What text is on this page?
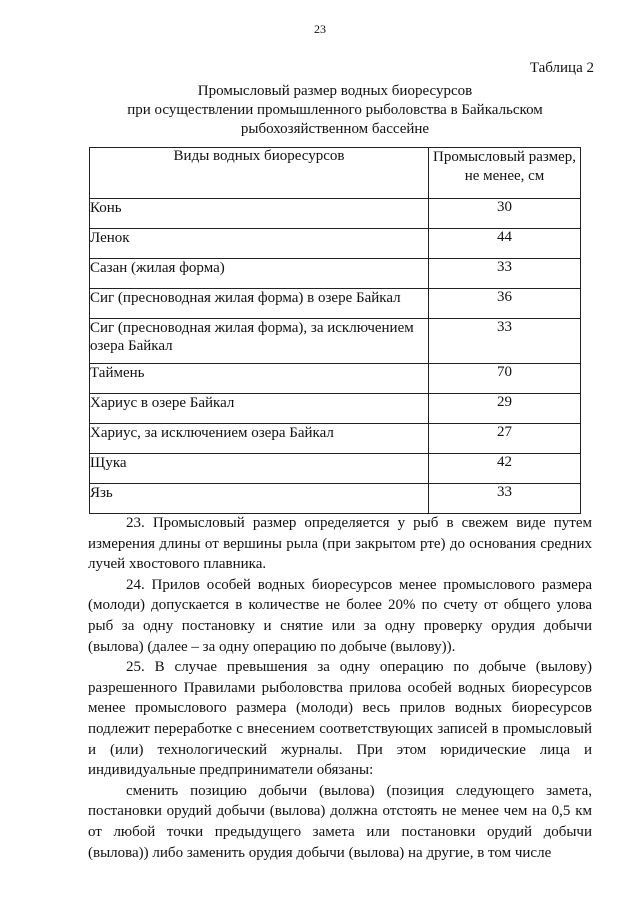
23
Таблица 2
Промысловый размер водных биоресурсов
при осуществлении промышленного рыболовства в Байкальском
рыбохозяйственном бассейне
Виды водных биоресурсов	Промысловый размер, не менее, см
Конь	30
Ленок	44
Сазан (жилая форма)	33
Сиг (пресноводная жилая форма) в озере Байкал	36
Сиг (пресноводная жилая форма), за исключением озера Байкал	33
Таймень	70
Хариус в озере Байкал	29
Хариус, за исключением озера Байкал	27
Щука	42
Язь	33

23. Промысловый размер определяется у рыб в свежем виде путем измерения длины от вершины рыла (при закрытом рте) до основания средних лучей хвостового плавника.

24. Прилов особей водных биоресурсов менее промыслового размера (молоди) допускается в количестве не более 20% по счету от общего улова рыб за одну постановку и снятие или за одну проверку орудия добычи (вылова) (далее – за одну операцию по добыче (вылову)).

25. В случае превышения за одну операцию по добыче (вылову) разрешенного Правилами рыболовства прилова особей водных биоресурсов менее промыслового размера (молоди) весь прилов водных биоресурсов подлежит переработке с внесением соответствующих записей в промысловый и (или) технологический журналы. При этом юридические лица и индивидуальные предприниматели обязаны:

сменить позицию добычи (вылова) (позиция следующего замета, постановки орудий добычи (вылова) должна отстоять не менее чем на 0,5 км от любой точки предыдущего замета или постановки орудий добычи (вылова)) либо заменить орудия добычи (вылова) на другие, в том числе
